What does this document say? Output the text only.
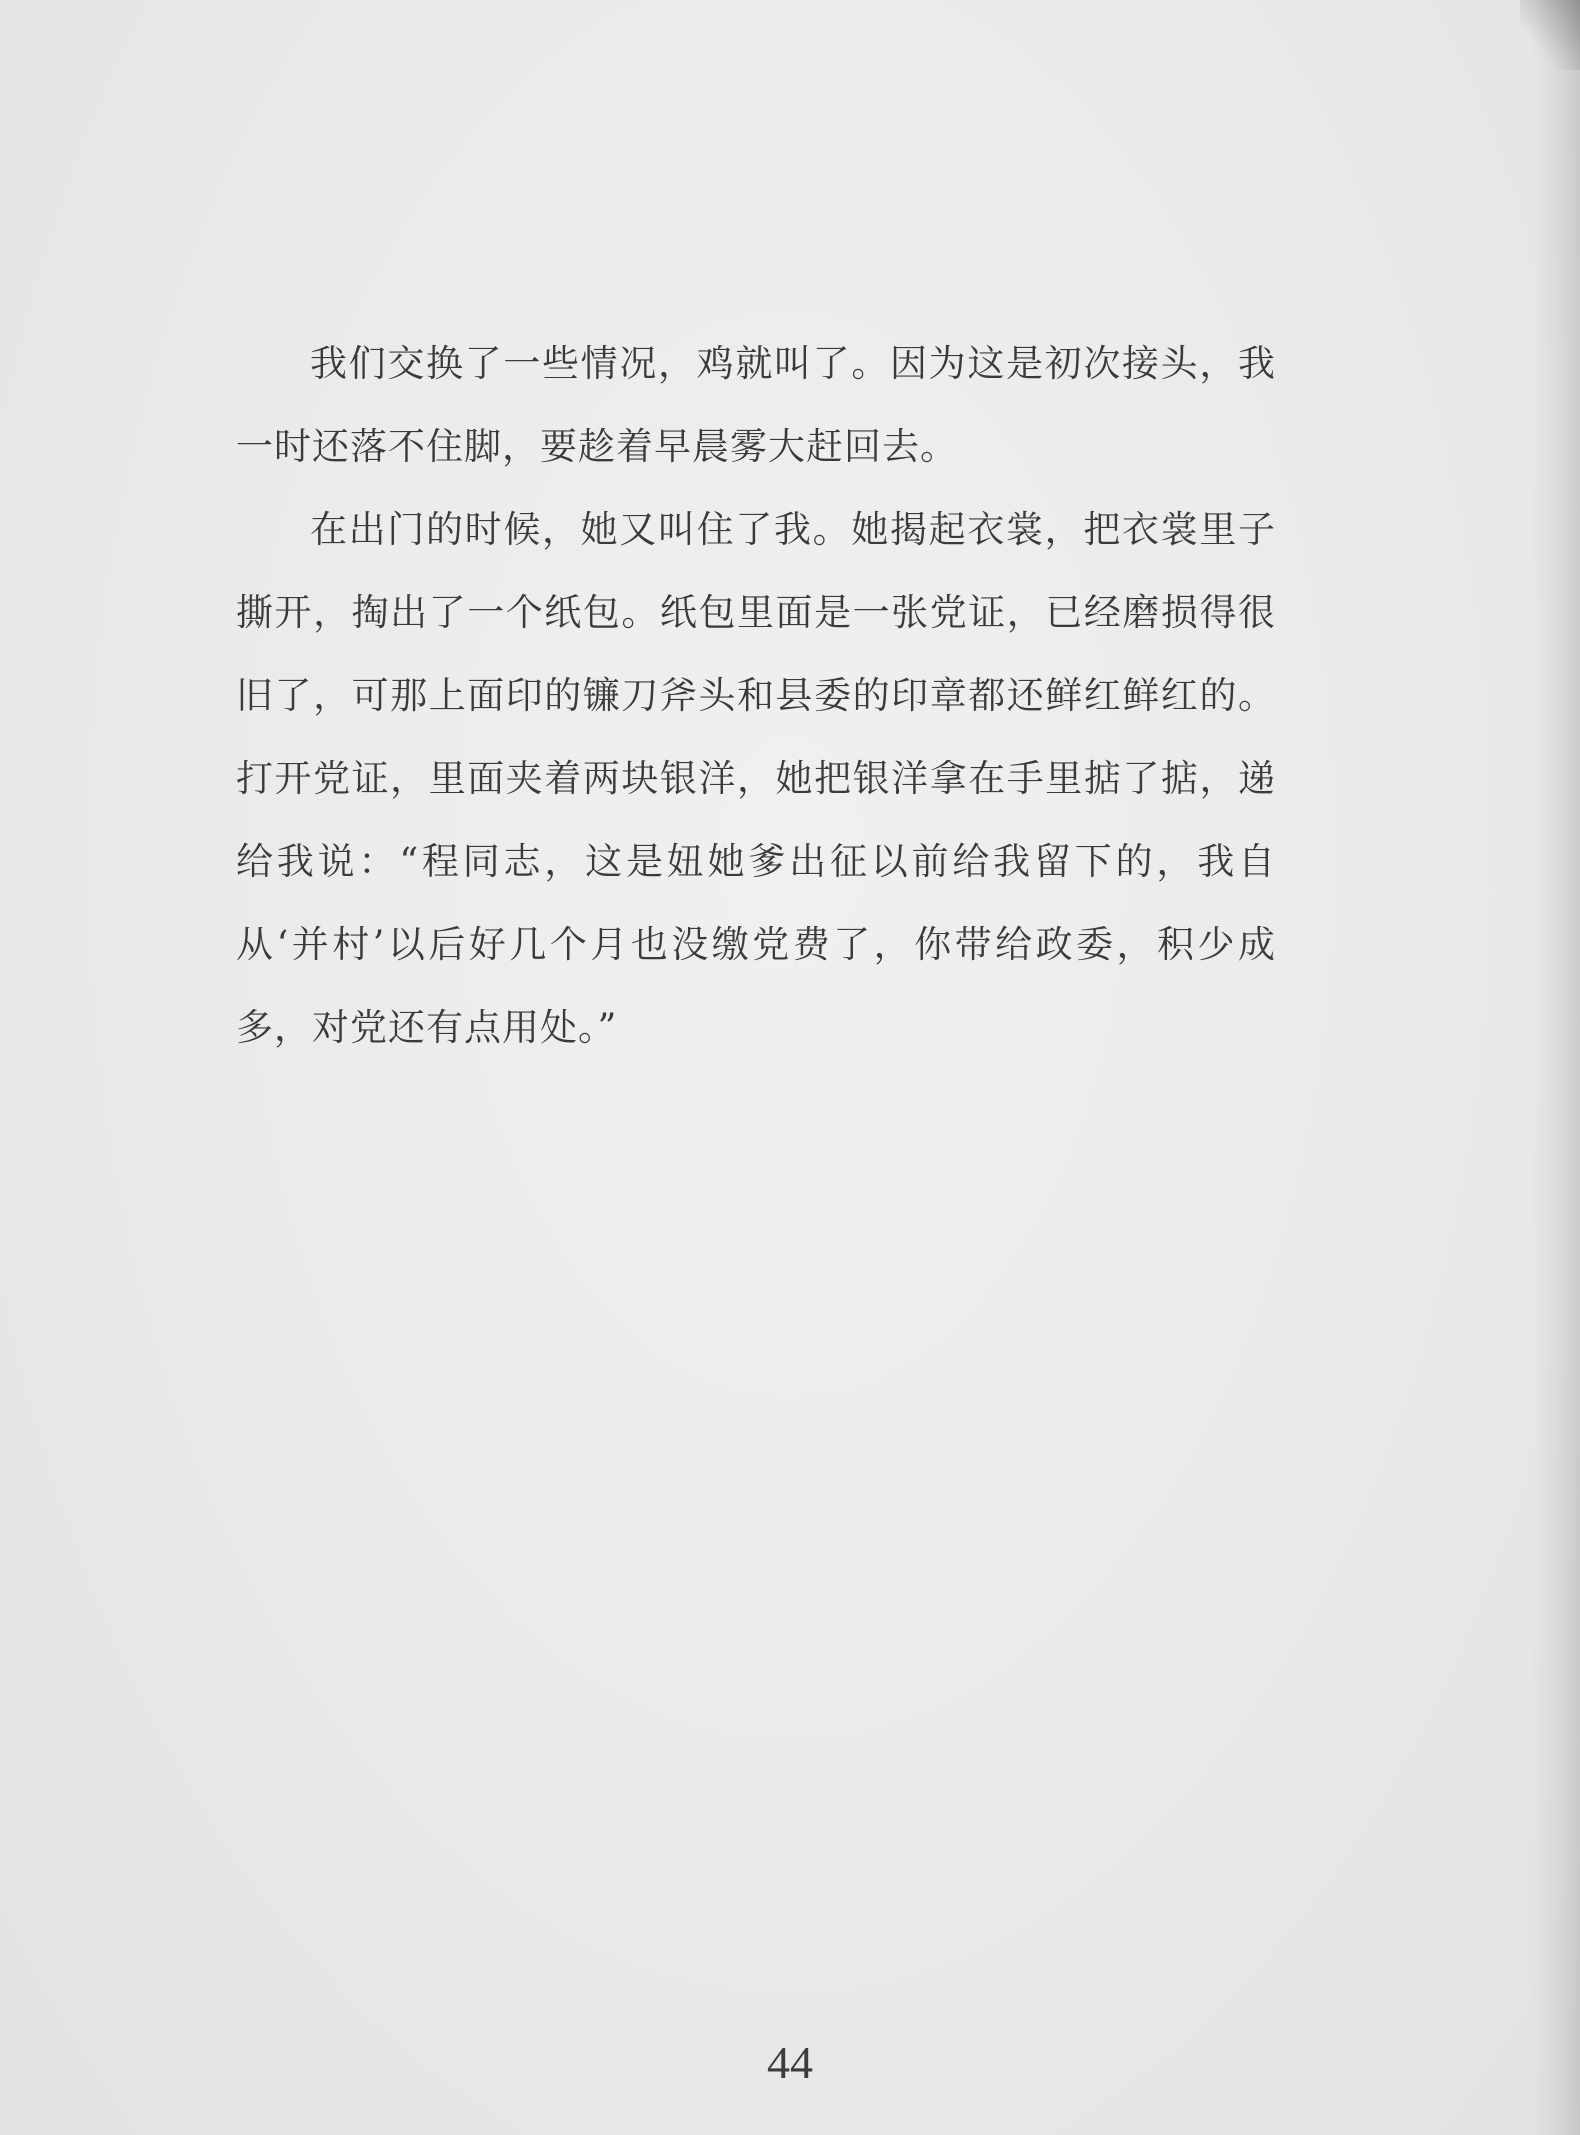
我们交换了一些情况，鸡就叫了。因为这是初次接头，我一时还落不住脚，要趁着早晨雾大赶回去。

在出门的时候，她又叫住了我。她揭起衣裳，把衣裳里子撕开，掏出了一个纸包。纸包里面是一张党证，已经磨损得很旧了，可那上面印的镰刀斧头和县委的印章都还鲜红鲜红的。打开党证，里面夹着两块银洋，她把银洋拿在手里掂了掂，递给我说：“程同志，这是妞她爹出征以前给我留下的，我自从‘并村’以后好几个月也没缴党费了，你带给政委，积少成多，对党还有点用处。”

44
